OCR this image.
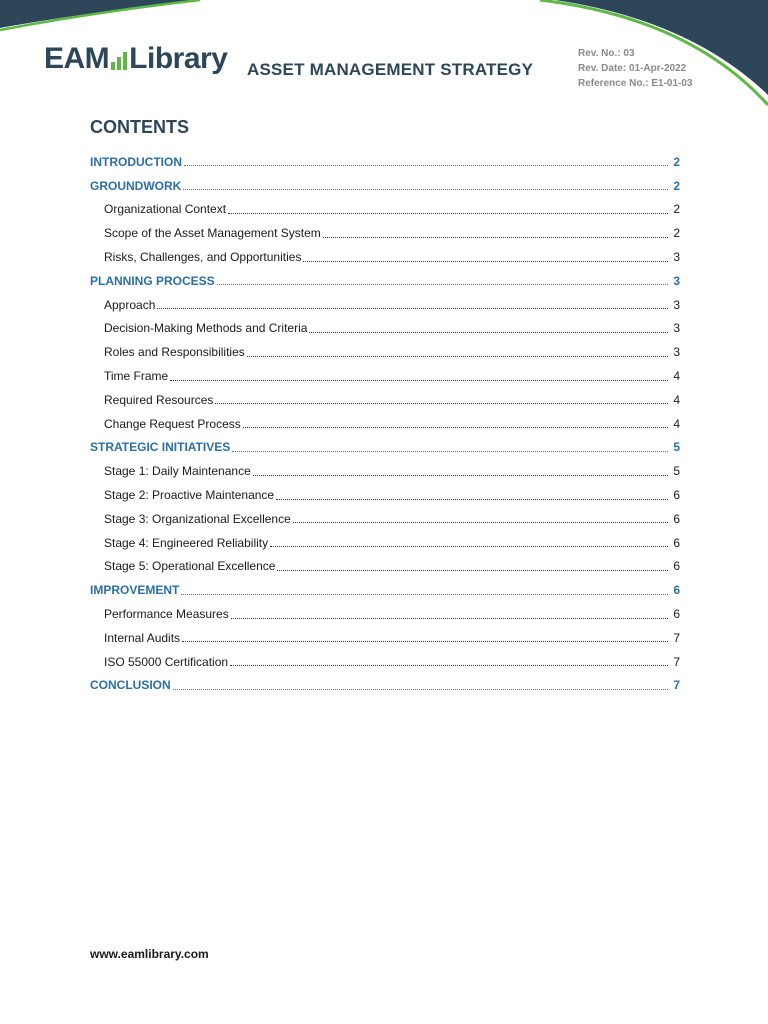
EAM Library ASSET MANAGEMENT STRATEGY
Rev. No.: 03
Rev. Date: 01-Apr-2022
Reference No.: E1-01-03
CONTENTS
INTRODUCTION	2
GROUNDWORK	2
Organizational Context	2
Scope of the Asset Management System	2
Risks, Challenges, and Opportunities	3
PLANNING PROCESS	3
Approach	3
Decision-Making Methods and Criteria	3
Roles and Responsibilities	3
Time Frame	4
Required Resources	4
Change Request Process	4
STRATEGIC INITIATIVES	5
Stage 1: Daily Maintenance	5
Stage 2: Proactive Maintenance	6
Stage 3: Organizational Excellence	6
Stage 4: Engineered Reliability	6
Stage 5: Operational Excellence	6
IMPROVEMENT	6
Performance Measures	6
Internal Audits	7
ISO 55000 Certification	7
CONCLUSION	7
www.eamlibrary.com
